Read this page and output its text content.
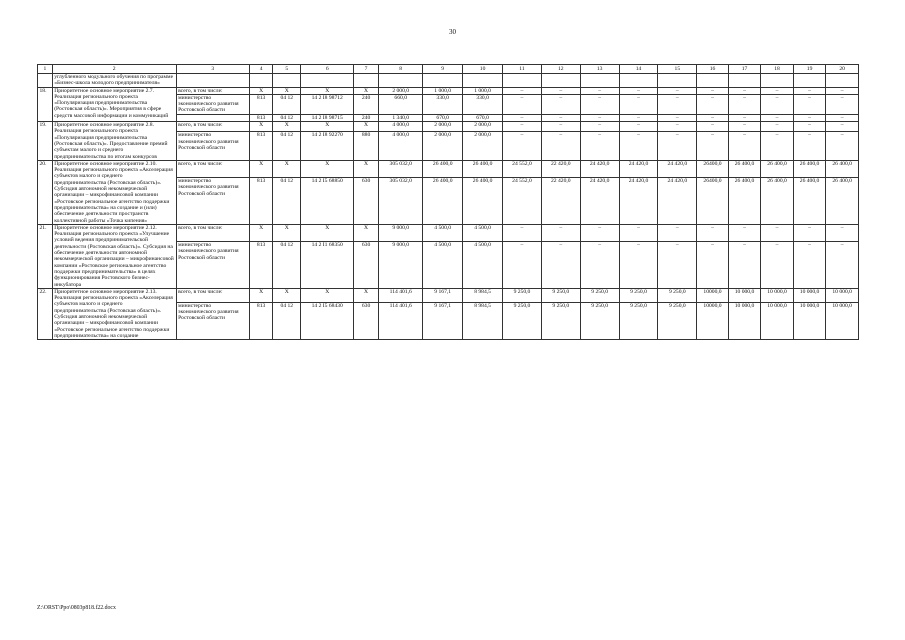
30
1	2	3	4	5	6	7	8	9	10	11	12	13	14	15	16	17	18	19	20
	углубленного модульного обучения по программе «Бизнес-школа молодого предпринимателя»																		
18.	Приоритетное основное мероприятие 2.7. Реализация регионального проекта «Популяризация предпринимательства (Ростовская область)». Мероприятия в сфере средств массовой информации и коммуникаций	всего, в том числе:	X	X	X	X	2 000,0	1 000,0	1 000,0	–	–	–	–	–	–	–	–	–	–
		министерство экономического развития Ростовской области	813	04 12	14 2 I8 98712	240	660,0	330,0	330,0	–	–	–	–	–	–	–	–	–	–
			813	04 12	14 2 I8 98715	240	1 340,0	670,0	670,0	–	–	–	–	–	–	–	–	–	–
19.	Приоритетное основное мероприятие 2.8. Реализация регионального проекта «Популяризация предпринимательства (Ростовская область)». Предоставление премий субъектам малого и среднего предпринимательства по итогам конкурсов	всего, в том числе:	X	X	X	X	4 000,0	2 000,0	2 000,0	–	–	–	–	–	–	–	–	–	–
		министерство экономического развития Ростовской области	813	04 12	14 2 I8 92270	880	4 000,0	2 000,0	2 000,0	–	–	–	–	–	–	–	–	–	–
20.	Приоритетное основное мероприятие 2.10. Реализация регионального проекта «Акселерация субъектов малого и среднего предпринимательства (Ростовская область)». Субсидия автономной некоммерческой организации – микрофинансовой компании «Ростовское региональное агентство поддержки предпринимательства» на создание и (или) обеспечение деятельности пространств коллективной работы «Точка кипения»	всего, в том числе:	X	X	X	X	305 032,0	26 400,0	26 400,0	24 552,0	22 420,0	24 420,0	24 420,0	24 420,0	26400,0	26 400,0	26 400,0	26 400,0	26 400,0
		министерство экономического развития Ростовской области	813	04 12	14 2 I5 68850	630	305 032,0	26 400,0	26 400,0	24 552,0	22 420,0	24 420,0	24 420,0	24 420,0	26400,0	26 400,0	26 400,0	26 400,0	26 400,0
21.	Приоритетное основное мероприятие 2.12. Реализация регионального проекта «Улучшение условий ведения предпринимательской деятельности (Ростовская область)». Субсидия на обеспечение деятельности автономной некоммерческой организации – микрофинансовой компании «Ростовское региональное агентство поддержки предпринимательства» в целях функционирования Ростовского бизнес-инкубатора	всего, в том числе:	X	X	X	X	9 000,0	4 500,0	4 500,0	–	–	–	–	–	–	–	–	–	–
		министерство экономического развития Ростовской области	813	04 12	14 2 I1 68350	630	9 000,0	4 500,0	4 500,0	–	–	–	–	–	–	–	–	–	–
22.	Приоритетное основное мероприятие 2.13. Реализация регионального проекта «Акселерация субъектов малого и среднего предпринимательства (Ростовская область)». Субсидия автономной некоммерческой организации – микрофинансовой компании «Ростовское региональное агентство поддержки предпринимательства» на создание	всего, в том числе:	X	X	X	X	114 401,6	9 167,1	8 984,5	9 250,0	9 250,0	9 250,0	9 250,0	9 250,0	10000,0	10 000,0	10 000,0	10 000,0	10 000,0
		министерство экономического развития Ростовской области	813	04 12	14 2 I5 68430	630	114 401,6	9 167,1	8 984,5	9 250,0	9 250,0	9 250,0	9 250,0	9 250,0	10000,0	10 000,0	10 000,0	10 000,0	10 000,0
Z:\ORST\Ppo\0803p818.f22.docx
